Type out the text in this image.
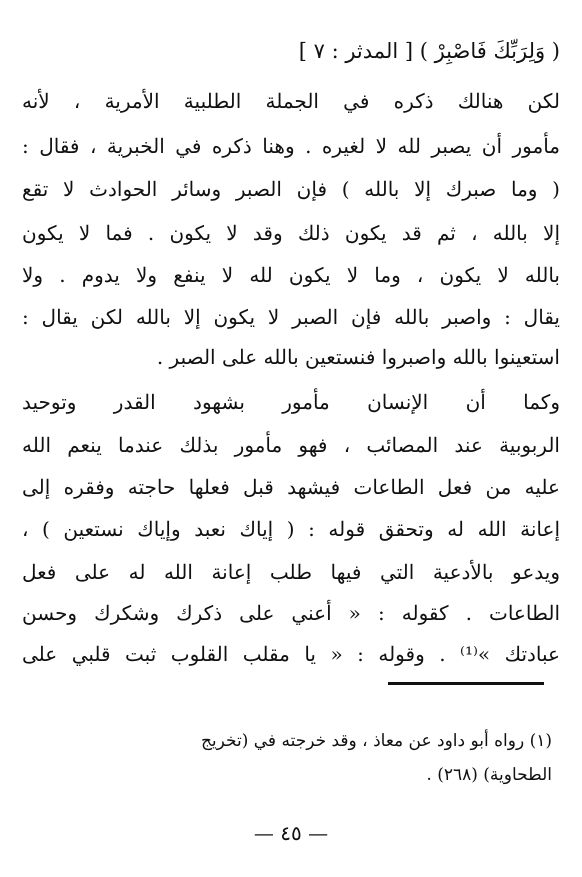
( وَلِرَبِّكَ فَاصْبِرْ ) [ المدثر : ٧ ]
لكن هنالك ذكره في الجملة الطلبية الأمرية ، لأنه
مأمور أن يصبر لله لا لغيره . وهنا ذكره في الخبرية ، فقال :
( وما صبرك إلا بالله ) فإن الصبر وسائر الحوادث لا تقع
إلا بالله ، ثم قد يكون ذلك وقد لا يكون . فما لا يكون
بالله لا يكون ، وما لا يكون لله لا ينفع ولا يدوم . ولا
يقال : واصبر بالله فإن الصبر لا يكون إلا بالله لكن يقال :
استعينوا بالله واصبروا فنستعين بالله على الصبر .
وكما أن الإنسان مأمور بشهود القدر وتوحيد
الربوبية عند المصائب ، فهو مأمور بذلك عندما ينعم الله
عليه من فعل الطاعات فيشهد قبل فعلها حاجته وفقره إلى
إعانة الله له وتحقق قوله : ( إياك نعبد وإياك نستعين ) ،
ويدعو بالأدعية التي فيها طلب إعانة الله له على فعل
الطاعات . كقوله : « أعني على ذكرك وشكرك وحسن
عبادتك »⁽¹⁾ . وقوله : « يا مقلب القلوب ثبت قلبي على
(١) رواه أبو داود عن معاذ ، وقد خرجته في (تخريج
الطحاوية) (٢٦٨) .
— ٤٥ —
